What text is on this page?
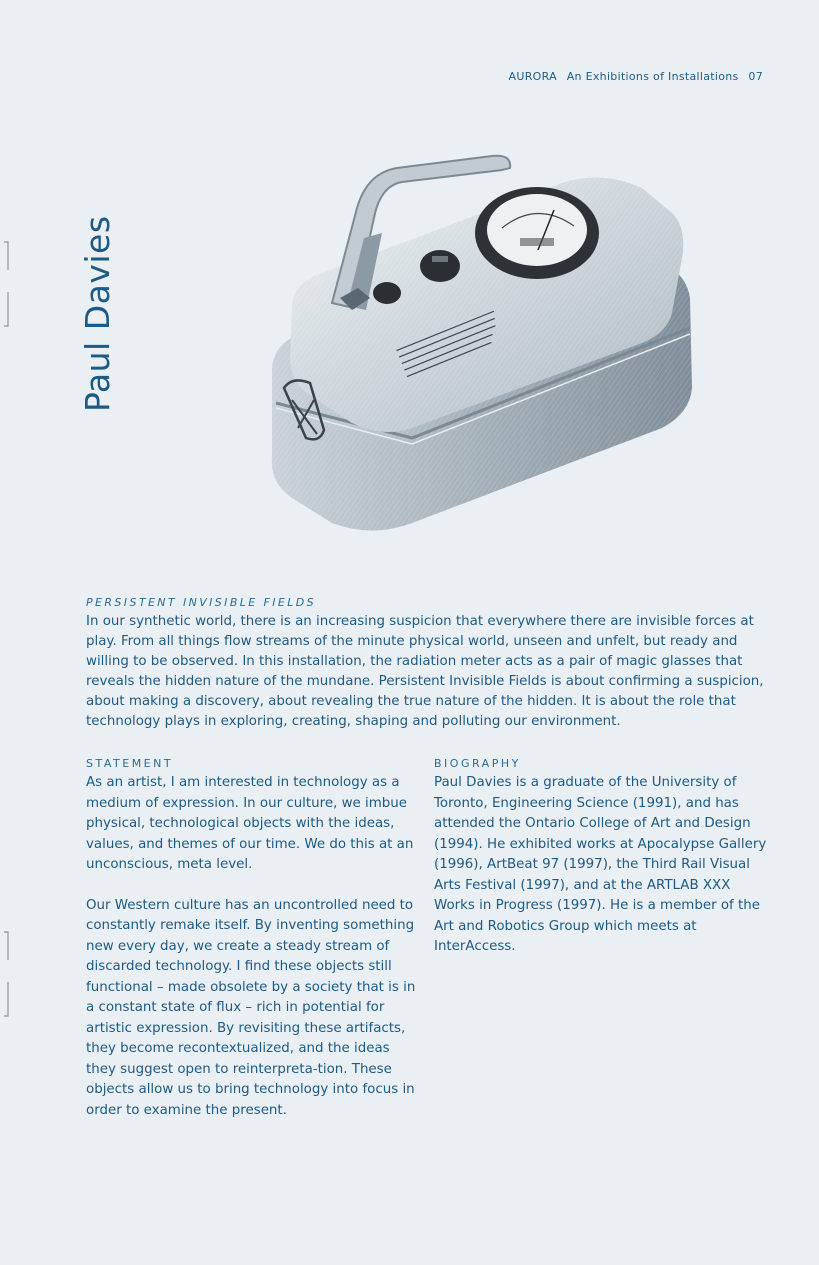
AURORA An Exhibitions of Installations 07
Paul Davies
PERSISTENT INVISIBLE FIELDS

In our synthetic world, there is an increasing suspicion that everywhere there are invisible forces at play. From all things flow streams of the minute physical world, unseen and unfelt, but ready and willing to be observed. In this installation, the radiation meter acts as a pair of magic glasses that reveals the hidden nature of the mundane. Persistent Invisible Fields is about confirming a suspicion, about making a discovery, about revealing the true nature of the hidden. It is about the role that technology plays in exploring, creating, shaping and polluting our environment.

STATEMENT

As an artist, I am interested in technology as a medium of expression. In our culture, we imbue physical, technological objects with the ideas, values, and themes of our time. We do this at an unconscious, meta level.

Our Western culture has an uncontrolled need to constantly remake itself. By inventing something new every day, we create a steady stream of discarded technology. I find these objects still functional – made obsolete by a society that is in a constant state of flux – rich in potential for artistic expression. By revisiting these artifacts, they become recontextualized, and the ideas they suggest open to reinterpreta-tion. These objects allow us to bring technology into focus in order to examine the present.

BIOGRAPHY

Paul Davies is a graduate of the University of Toronto, Engineering Science (1991), and has attended the Ontario College of Art and Design (1994). He exhibited works at Apocalypse Gallery (1996), ArtBeat 97 (1997), the Third Rail Visual Arts Festival (1997), and at the ARTLAB XXX Works in Progress (1997). He is a member of the Art and Robotics Group which meets at InterAccess.
